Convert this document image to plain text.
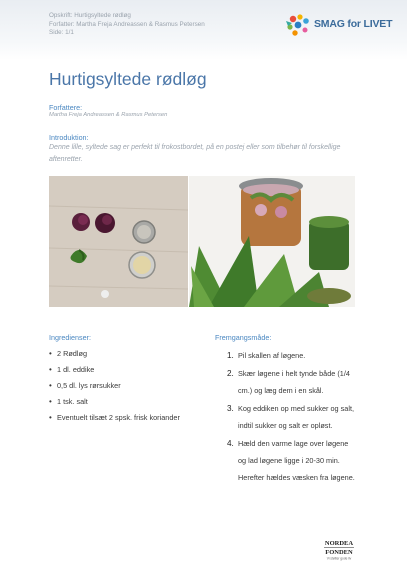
Opskrift: Hurtigsyltede rødløg
Forfatter: Martha Freja Andreassen & Rasmus Petersen
Side: 1/1
SMAG for LIVET
Hurtigsyltede rødløg
Forfattere:
Martha Freja Andreassen & Rasmus Petersen
Introduktion:
Denne lille, syltede sag er perfekt til frokostbordet, på en postej eller som tilbehør til forskellige aftenretter.
Ingredienser:
• 2 Rødløg
• 1 dl. eddike
• 0,5 dl. lys rørsukker
• 1 tsk. salt
• Eventuelt tilsæt 2 spsk. frisk koriander
Fremgangsmåde:
1. Pil skallen af løgene.
2. Skær løgene i helt tynde både (1/4 cm.) og læg dem i en skål.
3. Kog eddiken op med sukker og salt, indtil sukker og salt er opløst.
4. Hæld den varme lage over løgene og lad løgene ligge i 20-30 min. Herefter hældes væsken fra løgene.
NORDEA
FONDEN
Vi støtter gode liv
